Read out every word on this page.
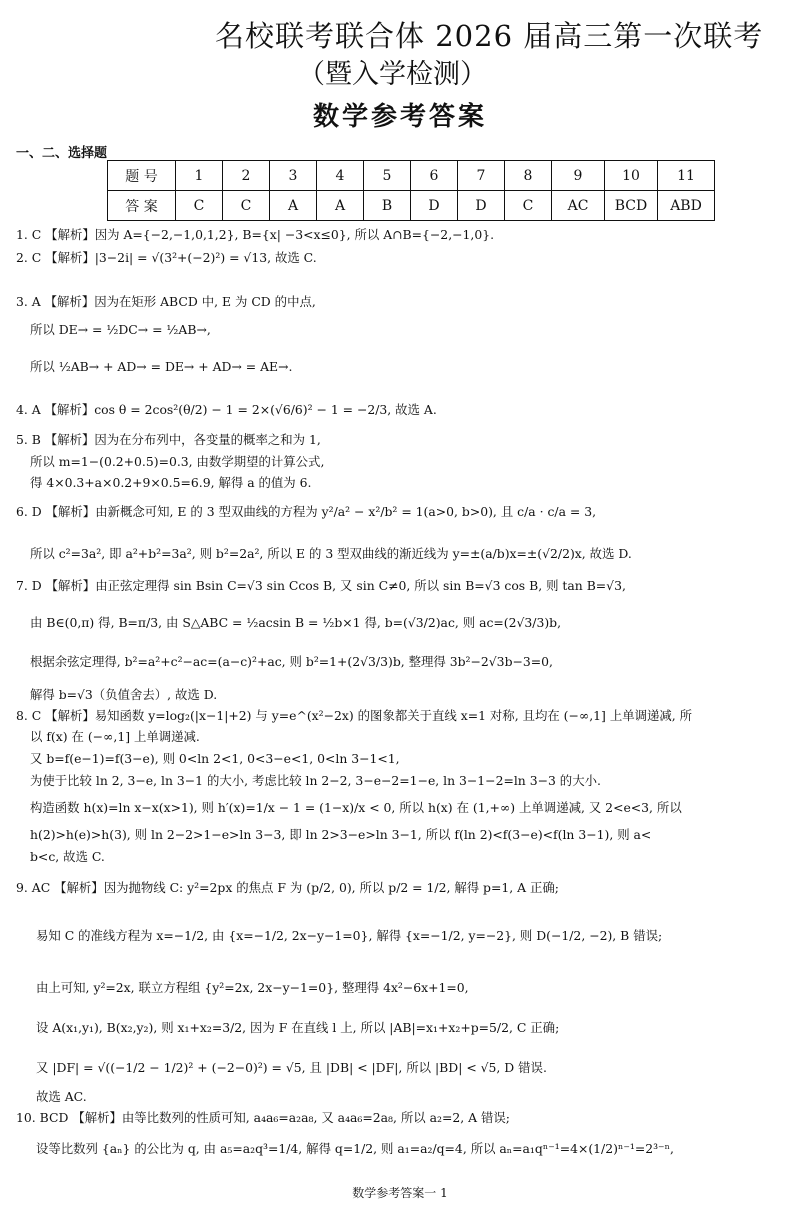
名校联考联合体 2026 届高三第一次联考
（暨入学检测）
数学参考答案
一、二、选择题
题 号	1	2	3	4	5	6	7	8	9	10	11
答 案	C	C	A	A	B	D	D	C	AC	BCD	ABD
1. C 【解析】因为 A={−2,−1,0,1,2}, B={x| −3<x≤0}, 所以 A∩B={−2,−1,0}.
2. C 【解析】|3−2i| = √(3²+(−2)²) = √13, 故选 C.
3. A 【解析】因为在矩形 ABCD 中, E 为 CD 的中点,
所以 DE→ = ½DC→ = ½AB→,
所以 ½AB→ + AD→ = DE→ + AD→ = AE→.
4. A 【解析】cos θ = 2cos²(θ/2) − 1 = 2×(√6/6)² − 1 = −2/3, 故选 A.
5. B 【解析】因为在分布列中，各变量的概率之和为 1,
所以 m=1−(0.2+0.5)=0.3, 由数学期望的计算公式,
得 4×0.3+a×0.2+9×0.5=6.9, 解得 a 的值为 6.
6. D 【解析】由新概念可知, E 的 3 型双曲线的方程为 y²/a² − x²/b² = 1(a>0, b>0), 且 c/a · c/a = 3,
所以 c²=3a², 即 a²+b²=3a², 则 b²=2a², 所以 E 的 3 型双曲线的渐近线为 y=±(a/b)x=±(√2/2)x, 故选 D.
7. D 【解析】由正弦定理得 sin Bsin C=√3 sin Ccos B, 又 sin C≠0, 所以 sin B=√3 cos B, 则 tan B=√3,
由 B∈(0,π) 得, B=π/3, 由 S△ABC = ½acsin B = ½b×1 得, b=(√3/2)ac, 则 ac=(2√3/3)b,
根据余弦定理得, b²=a²+c²−ac=(a−c)²+ac, 则 b²=1+(2√3/3)b, 整理得 3b²−2√3b−3=0,
解得 b=√3（负值舍去）, 故选 D.
8. C 【解析】易知函数 y=log₂(|x−1|+2) 与 y=e^(x²−2x) 的图象都关于直线 x=1 对称, 且均在 (−∞,1] 上单调递减, 所
以 f(x) 在 (−∞,1] 上单调递减.
又 b=f(e−1)=f(3−e), 则 0<ln 2<1, 0<3−e<1, 0<ln 3−1<1,
为使于比较 ln 2, 3−e, ln 3−1 的大小, 考虑比较 ln 2−2, 3−e−2=1−e, ln 3−1−2=ln 3−3 的大小.
构造函数 h(x)=ln x−x(x>1), 则 h′(x)=1/x − 1 = (1−x)/x < 0, 所以 h(x) 在 (1,+∞) 上单调递减, 又 2<e<3, 所以
h(2)>h(e)>h(3), 则 ln 2−2>1−e>ln 3−3, 即 ln 2>3−e>ln 3−1, 所以 f(ln 2)<f(3−e)<f(ln 3−1), 则 a<
b<c, 故选 C.
9. AC 【解析】因为抛物线 C: y²=2px 的焦点 F 为 (p/2, 0), 所以 p/2 = 1/2, 解得 p=1, A 正确;
易知 C 的准线方程为 x=−1/2, 由 {x=−1/2, 2x−y−1=0}, 解得 {x=−1/2, y=−2}, 则 D(−1/2, −2), B 错误;
由上可知, y²=2x, 联立方程组 {y²=2x, 2x−y−1=0}, 整理得 4x²−6x+1=0,
设 A(x₁,y₁), B(x₂,y₂), 则 x₁+x₂=3/2, 因为 F 在直线 l 上, 所以 |AB|=x₁+x₂+p=5/2, C 正确;
又 |DF| = √((−1/2 − 1/2)² + (−2−0)²) = √5, 且 |DB| < |DF|, 所以 |BD| < √5, D 错误.
故选 AC.
10. BCD 【解析】由等比数列的性质可知, a₄a₆=a₂a₈, 又 a₄a₆=2a₈, 所以 a₂=2, A 错误;
设等比数列 {aₙ} 的公比为 q, 由 a₅=a₂q³=1/4, 解得 q=1/2, 则 a₁=a₂/q=4, 所以 aₙ=a₁qⁿ⁻¹=4×(1/2)ⁿ⁻¹=2³⁻ⁿ,
数学参考答案一 1
